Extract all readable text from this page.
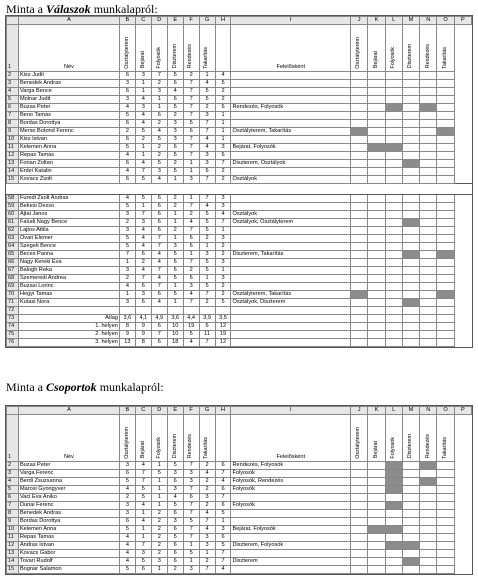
Minta a Válaszok munkalapról:
	A	B	C	D	E	F	G	H	I	J	K	L	M	N	O	P
1	Név	Osztályterem	Bejárat	Folyosók	Diszterem	Rendezés	Takarítás		Felelősként	Osztályterem	Bejárat	Folyosók	Diszterem	Rendezés	Takarítás	
2	Kiss Judit	6	3	7	5	2	1	4								
3	Benedek Andras	3	1	2	6	7	4	5								
4	Varga Bence	6	1	3	4	7	5	2								
5	Molnar Judit	3	4	1	6	7	5	2								
6	Buzas Peter	4	3	1	5	7	2	6	Rendezés, Folyosók							
7	Beno Tamas	5	4	6	2	7	3	1								
8	Bordas Dorottya	6	4	2	3	5	7	1								
9	Merse Botond Ferenc	2	5	4	3	6	7	1	Osztályterem, Takarítás							
10	Kiss Istvan	6	2	5	3	7	4	1								
11	Kelemen Anna	5	1	2	6	7	4	3	Bejárat, Folyosók							
12	Repas Tamas	4	1	2	5	7	3	6								
13	Forian Zoltan	6	4	5	2	1	3	7	Diszterem, Osztályok							
14	Erdei Katalin	4	7	3	5	1	6	2								
15	Kovacs Zsolt	6	5	4	1	3	7	2	Osztályok							

58	Furedi Zsolt Andras	4	5	6	2	1	7	3								
59	Bekesi Dezso	5	1	6	2	7	4	3								
60	Ajtai Janos	3	7	6	1	2	5	4	Osztályok							
61	Faludi Nagy Bence	2	3	6	1	4	5	7	Osztályok, Osztályterem							
62	Lajtos Attila	3	4	6	2	7	5	1								
63	Ovari Elemer	5	4	7	1	6	2	3								
64	Szegeti Bence	5	4	7	3	6	1	2								
65	Beces Panna	7	6	4	5	1	3	2	Diszterem, Takarítás							
66	Nagy Kereki Eva	1	2	4	6	7	5	3								
67	Balogh Reka	3	4	7	6	2	5	1								
68	Szemeredi Andrea	2	7	4	5	6	1	3								
69	Buzasi Lorinc	4	6	7	1	3	5	2								
70	Hegyi Tamas	1	3	6	5	4	7	2	Osztályterem, Takarítás							
71	Kutasi Nora	3	6	4	1	7	2	5	Osztályok, Diszterem							
72																
73	Átlag	3,6	4,1	4,9	3,6	4,4	3,9	3,5								
74	1. helyen	8	9	6	10	19	6	12								
75	2. helyen	9	9	7	10	5	11	19								
76	3. helyen	13	8	6	18	4	7	12								
Minta a Csoportok munkalapról:
	A	B	C	D	E	F	G	H	I	J	K	L	M	N	O	P
1	Név	Osztályterem	Bejárat	Folyosók	Diszterem	Rendezés	Takarítás		Felelősként	Osztályterem	Bejárat	Folyosók	Diszterem	Rendezés	Takarítás	
2	Buzas Peter	3	4	1	5	7	2	6	Rendezés, Folyosók							
3	Varga Ferenc	6	7	5	3	3	4	7	Folyosók							
4	Berdi Zsuzsanna	5	7	1	6	3	2	4	Folyosók, Rendezés							
5	Marosi Gyongyver	4	5	1	3	7	2	6	Folyosók							
6	Vaci Eva Aniko	2	5	1	4	6	3	7								
7	Dunai Ferenc	3	4	1	5	7	2	6	Folyosók							
8	Benedek Andras	3	1	2	6	7	4	5								
9	Bordas Dorottya	6	4	2	3	5	7	1								
10	Kelemen Anna	5	1	2	6	7	4	3	Bejárat, Folyosók							
11	Repas Tamas	4	1	2	5	7	3	6								
12	Andras Istvan	4	7	2	6	1	3	5	Diszterem, Folyosók							
13	Kovacs Gabor	4	3	2	6	5	1	7								
14	Tovari Rudolf	4	5	3	6	1	2	7	Diszterem							
15	Bognar Salamon	5	6	1	2	3	7	4								
